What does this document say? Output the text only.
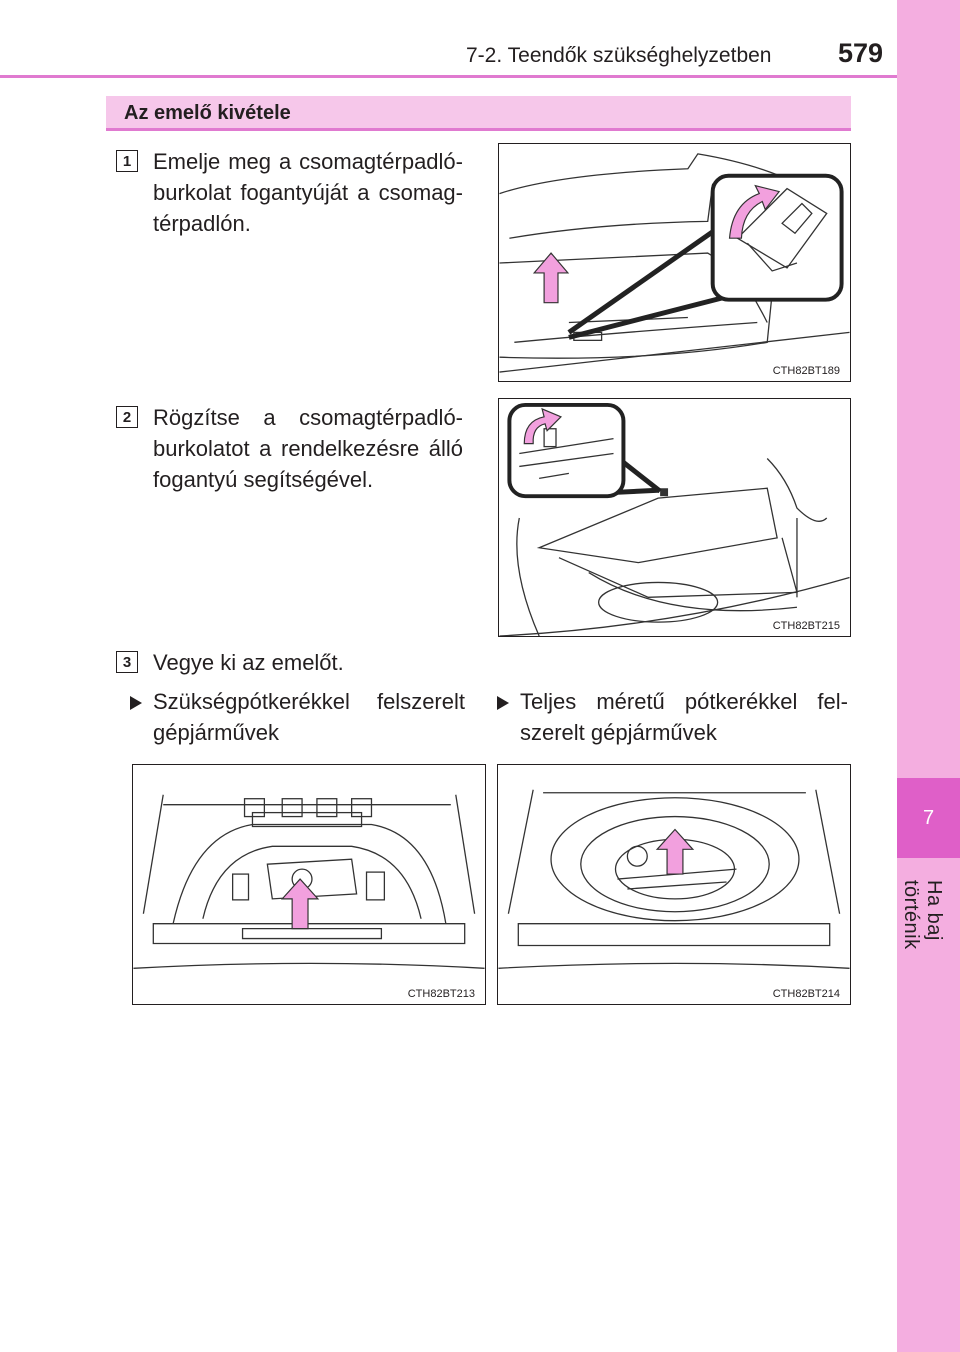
7-2. Teendők szükséghelyzetben 579
7
Ha baj történik
Az emelő kivétele
1 Emelje meg a csomagtérpadló-burkolat fogantyúját a csomag-térpadlón.
CTH82BT189
2 Rögzítse a csomagtérpadló-burkolatot a rendelkezésre álló fogantyú segítségével.
CTH82BT215
3 Vegye ki az emelőt.
Szükségpótkerékkel felszerelt gépjárművek
Teljes méretű pótkerékkel fel-szerelt gépjárművek
CTH82BT213	CTH82BT214
